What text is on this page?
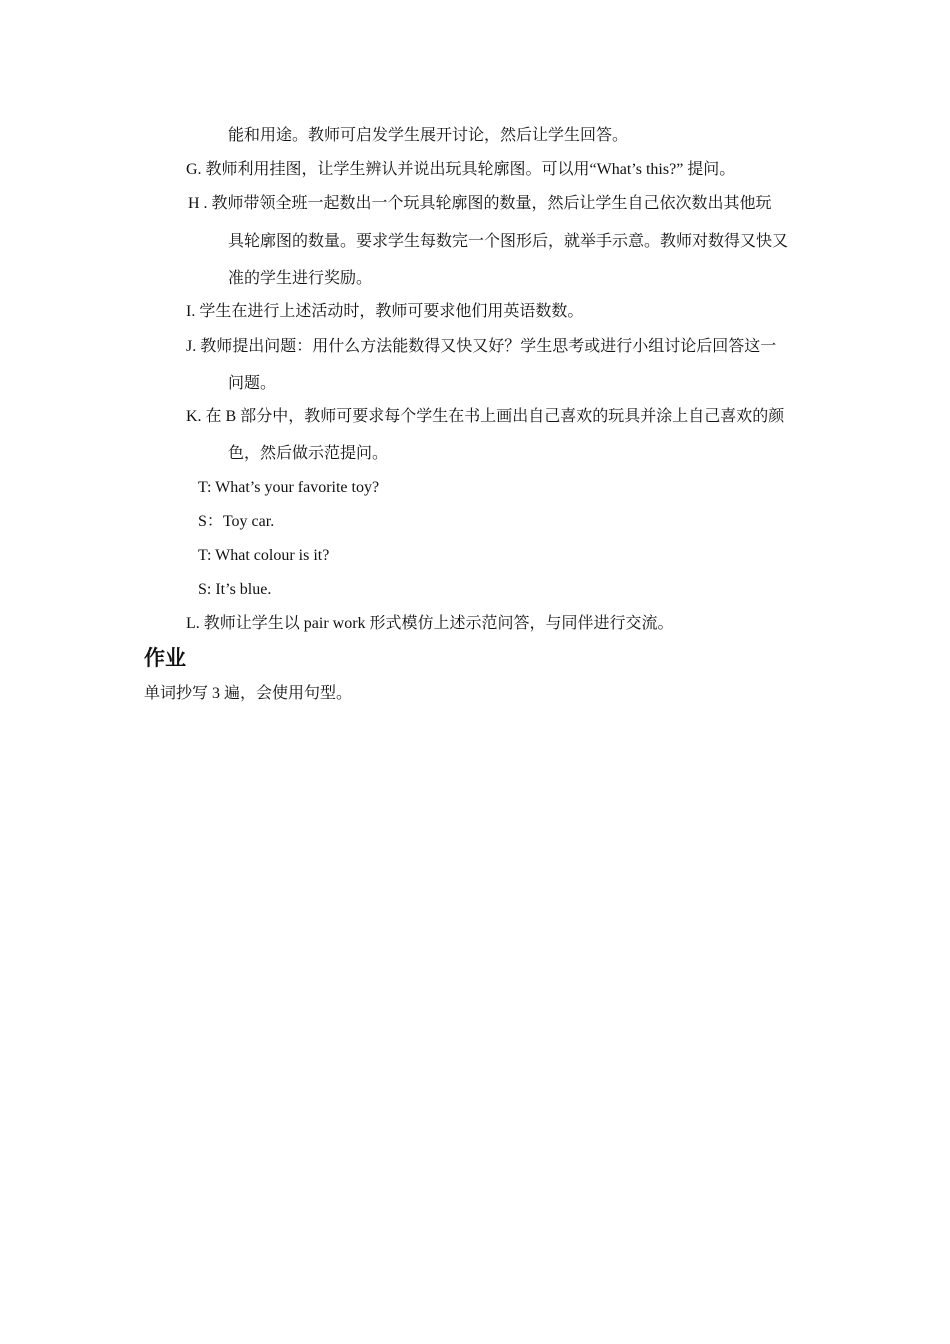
能和用途。教师可启发学生展开讨论，然后让学生回答。
G. 教师利用挂图，让学生辨认并说出玩具轮廓图。可以用“What’s this?” 提问。
H . 教师带领全班一起数出一个玩具轮廓图的数量，然后让学生自己依次数出其他玩
具轮廓图的数量。要求学生每数完一个图形后，就举手示意。教师对数得又快又
准的学生进行奖励。
I. 学生在进行上述活动时，教师可要求他们用英语数数。
J. 教师提出问题：用什么方法能数得又快又好？学生思考或进行小组讨论后回答这一
问题。
K. 在 B 部分中，教师可要求每个学生在书上画出自己喜欢的玩具并涂上自己喜欢的颜
色，然后做示范提问。
T: What’s your favorite toy?
S：Toy car.
T: What colour is it?
S: It’s blue.
L. 教师让学生以 pair work 形式模仿上述示范问答，与同伴进行交流。
作业
单词抄写 3 遍，会使用句型。
